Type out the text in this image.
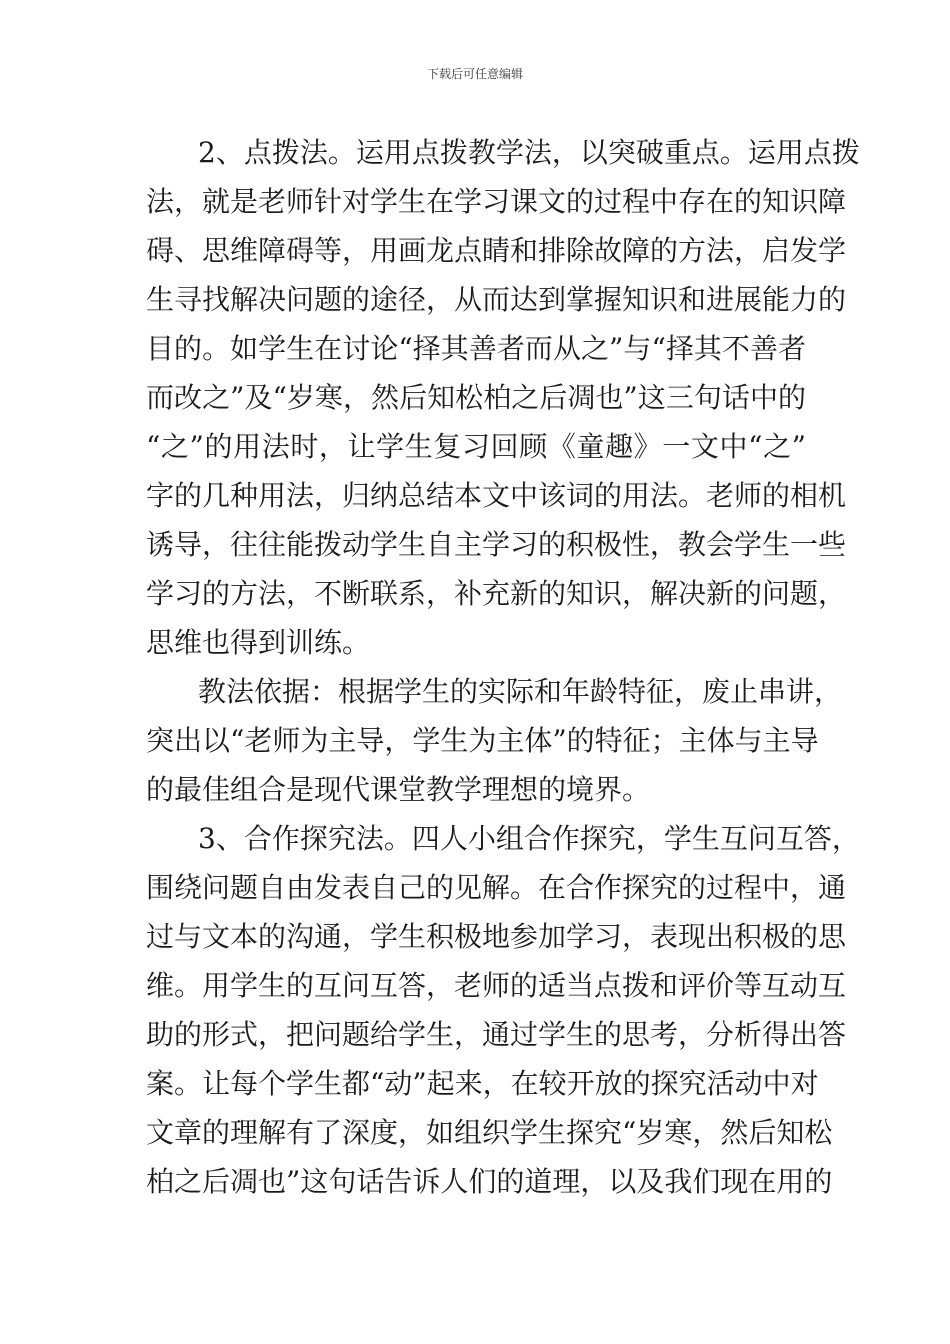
下载后可任意编辑
2、点拨法。运用点拨教学法，以突破重点。运用点拨
法，就是老师针对学生在学习课文的过程中存在的知识障
碍、思维障碍等，用画龙点睛和排除故障的方法，启发学
生寻找解决问题的途径，从而达到掌握知识和进展能力的
目的。如学生在讨论“择其善者而从之”与“择其不善者
而改之”及“岁寒，然后知松柏之后凋也”这三句话中的
“之”的用法时，让学生复习回顾《童趣》一文中“之”
字的几种用法，归纳总结本文中该词的用法。老师的相机
诱导，往往能拨动学生自主学习的积极性，教会学生一些
学习的方法，不断联系，补充新的知识，解决新的问题，
思维也得到训练。
教法依据：根据学生的实际和年龄特征，废止串讲，
突出以“老师为主导，学生为主体”的特征；主体与主导
的最佳组合是现代课堂教学理想的境界。
3、合作探究法。四人小组合作探究，学生互问互答，
围绕问题自由发表自己的见解。在合作探究的过程中，通
过与文本的沟通，学生积极地参加学习，表现出积极的思
维。用学生的互问互答，老师的适当点拨和评价等互动互
助的形式，把问题给学生，通过学生的思考，分析得出答
案。让每个学生都“动”起来，在较开放的探究活动中对
文章的理解有了深度，如组织学生探究“岁寒，然后知松
柏之后凋也”这句话告诉人们的道理，以及我们现在用的
